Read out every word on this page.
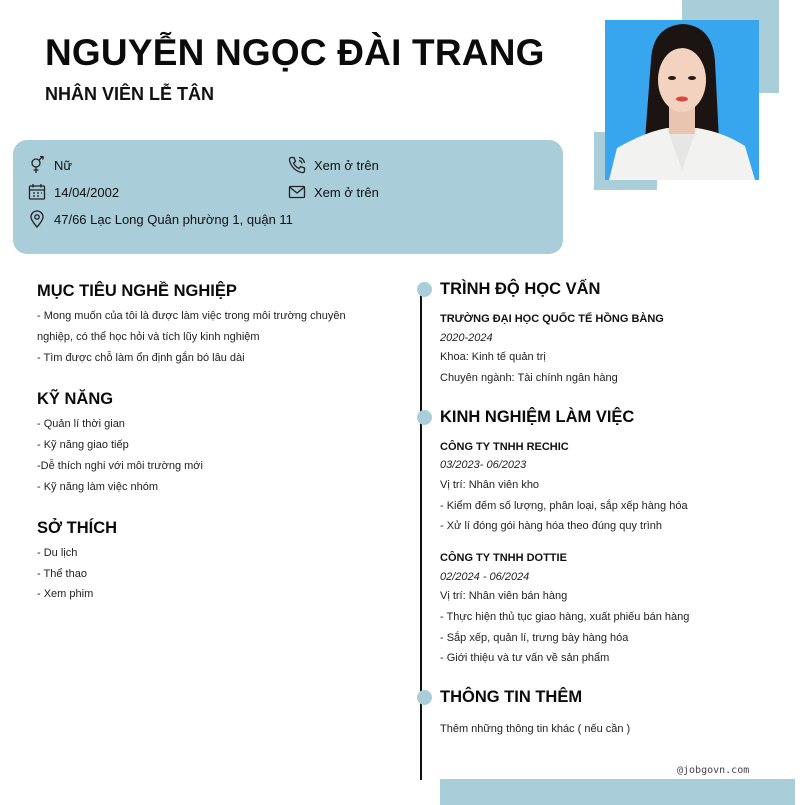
NGUYỄN NGỌC ĐÀI TRANG
NHÂN VIÊN LỄ TÂN
Nữ
14/04/2002
47/66 Lạc Long Quân phường 1, quận 11
Xem ở trên
Xem ở trên
MỤC TIÊU NGHỀ NGHIỆP
- Mong muốn của tôi là được làm việc trong môi trường chuyên
nghiệp, có thể học hỏi và tích lũy kinh nghiệm
- Tìm được chỗ làm ổn định gắn bó lâu dài
KỸ NĂNG
- Quản lí thời gian
- Kỹ năng giao tiếp
-Dễ thích nghi với môi trường mới
- Kỹ năng làm việc nhóm
SỞ THÍCH
- Du lịch
- Thể thao
- Xem phim
TRÌNH ĐỘ HỌC VẤN
TRƯỜNG ĐẠI HỌC QUỐC TẾ HỒNG BÀNG
2020-2024
Khoa: Kinh tế quản trị
Chuyên ngành: Tài chính ngân hàng
KINH NGHIỆM LÀM VIỆC
CÔNG TY TNHH RECHIC
03/2023- 06/2023
Vị trí: Nhân viên kho
- Kiểm đếm số lượng, phân loại, sắp xếp hàng hóa
- Xử lí đóng gói hàng hóa theo đúng quy trình
CÔNG TY TNHH DOTTIE
02/2024 - 06/2024
Vị trí: Nhân viên bán hàng
- Thực hiện thủ tục giao hàng, xuất phiếu bán hàng
- Sắp xếp, quản lí, trưng bày hàng hóa
- Giới thiệu và tư vấn về sản phẩm
THÔNG TIN THÊM
Thêm những thông tin khác ( nếu cần )
@jobgovn.com
